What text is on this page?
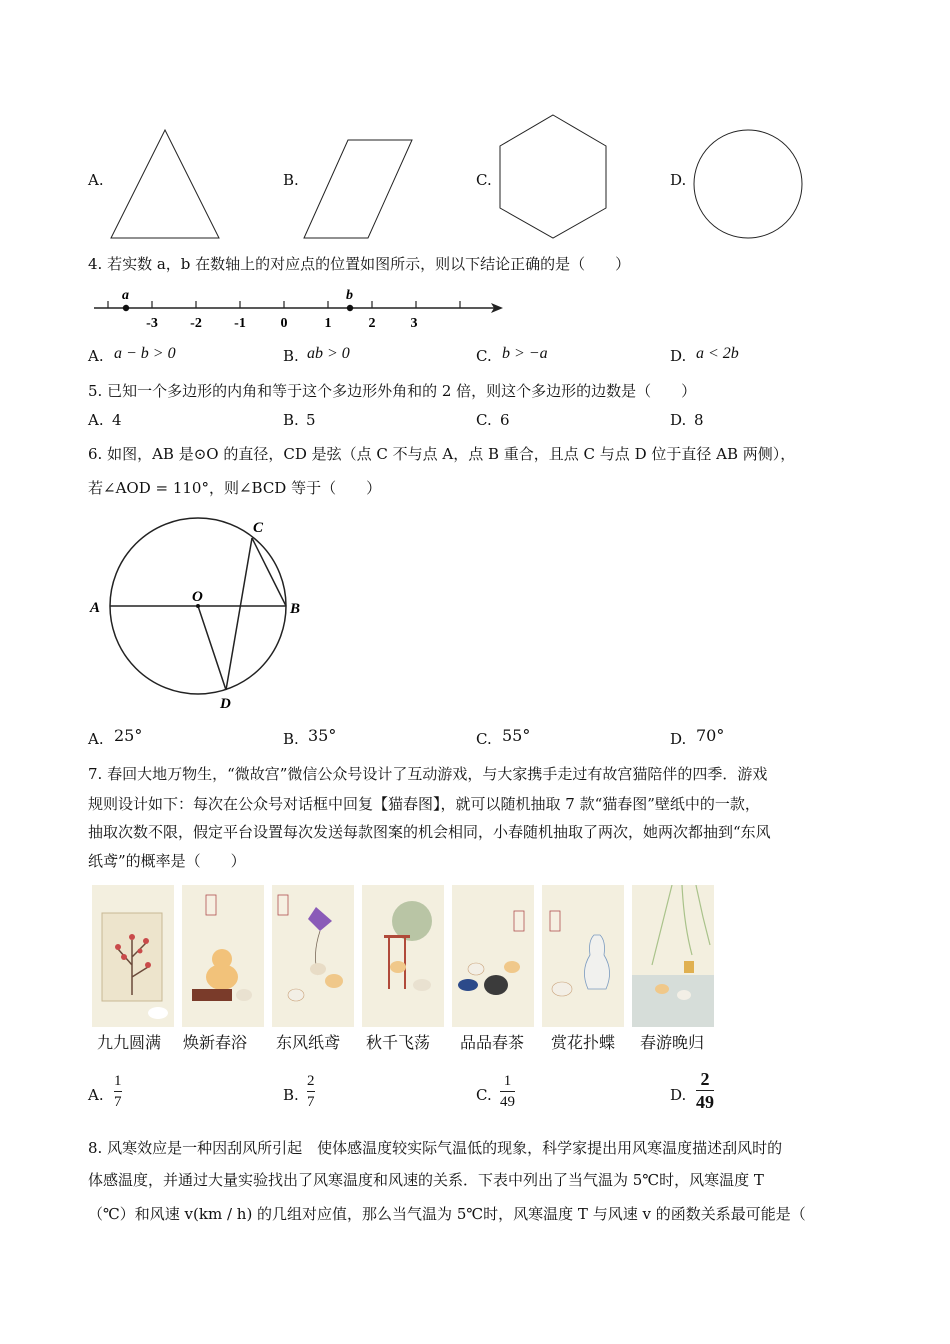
A.	B.	C.	D.
4. 若实数 a，b 在数轴上的对应点的位置如图所示，则以下结论正确的是（　　）
a	b
-3 -2 -1 0	1	2	3
A. a − b > 0	B. ab > 0	C. b > −a	D. a < 2b
5. 已知一个多边形的内角和等于这个多边形外角和的 2 倍，则这个多边形的边数是（　　）
A. 4	B. 5	C. 6	D. 8
6. 如图，AB 是⊙O 的直径，CD 是弦（点 C 不与点 A，点 B 重合，且点 C 与点 D 位于直径 AB 两侧），
若∠AOD = 110°，则∠BCD 等于（　　）
A	B
C
D
O
A. 25°	B. 35°	C. 55°	D. 70°
7. 春回大地万物生，“微故宫”微信公众号设计了互动游戏，与大家携手走过有故宫猫陪伴的四季．游戏
规则设计如下：每次在公众号对话框中回复【猫春图】，就可以随机抽取 7 款“猫春图”壁纸中的一款，
抽取次数不限，假定平台设置每次发送每款图案的机会相同，小春随机抽取了两次，她两次都抽到“东风
纸鸢”的概率是（　　）
九九圆满 焕新春浴 东风纸鸢 秋千飞荡 品品春茶 赏花扑蝶 春游晚归
A.
1
7	B.
2
7	C.
1
49	D.
2
49
8. 风寒效应是一种因刮风所引起　使体感温度较实际气温低的现象，科学家提出用风寒温度描述刮风时的
体感温度，并通过大量实验找出了风寒温度和风速的关系．下表中列出了当气温为 5℃时，风寒温度 T
（℃）和风速 v(km / h) 的几组对应值，那么当气温为 5℃时，风寒温度 T 与风速 v 的函数关系最可能是（
